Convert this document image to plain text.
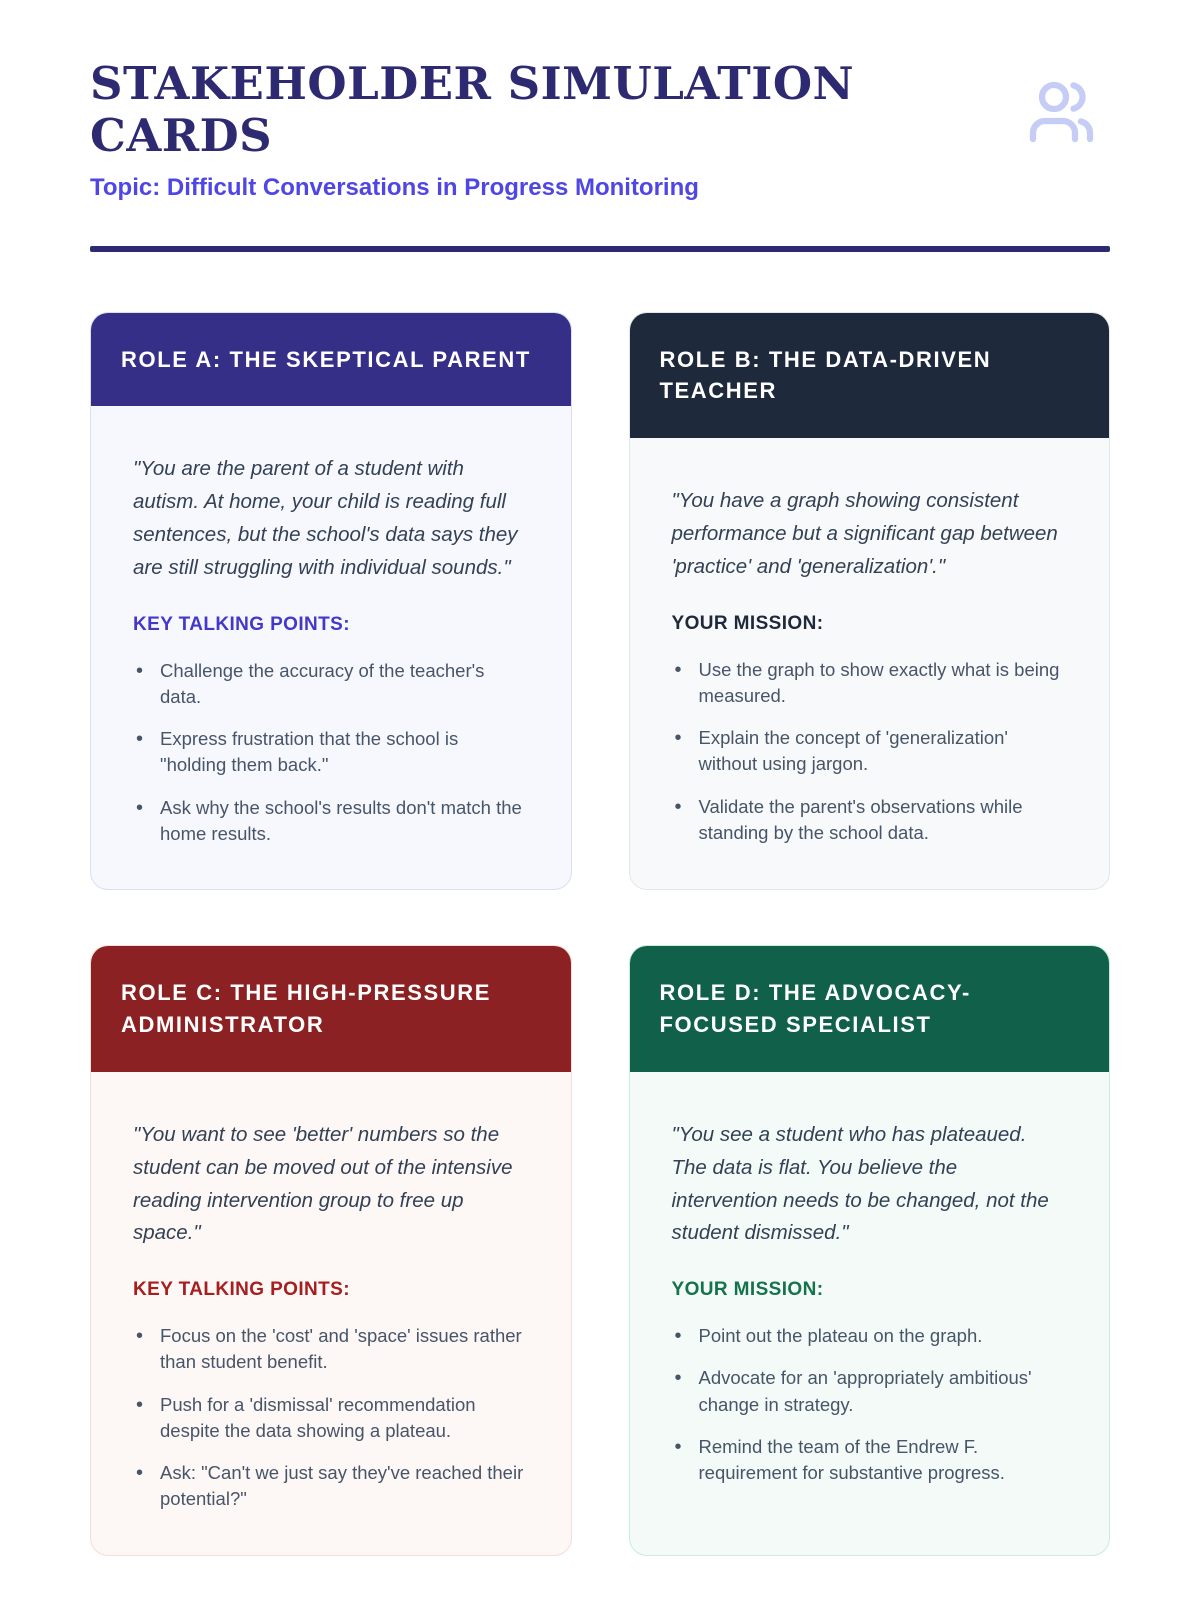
STAKEHOLDER SIMULATION CARDS
Topic: Difficult Conversations in Progress Monitoring
ROLE A: THE SKEPTICAL PARENT
"You are the parent of a student with autism. At home, your child is reading full sentences, but the school's data says they are still struggling with individual sounds."
KEY TALKING POINTS:
• Challenge the accuracy of the teacher's data.
• Express frustration that the school is "holding them back."
• Ask why the school's results don't match the home results.
ROLE B: THE DATA-DRIVEN TEACHER
"You have a graph showing consistent performance but a significant gap between 'practice' and 'generalization'."
YOUR MISSION:
• Use the graph to show exactly what is being measured.
• Explain the concept of 'generalization' without using jargon.
• Validate the parent's observations while standing by the school data.
ROLE C: THE HIGH-PRESSURE ADMINISTRATOR
"You want to see 'better' numbers so the student can be moved out of the intensive reading intervention group to free up space."
KEY TALKING POINTS:
• Focus on the 'cost' and 'space' issues rather than student benefit.
• Push for a 'dismissal' recommendation despite the data showing a plateau.
• Ask: "Can't we just say they've reached their potential?"
ROLE D: THE ADVOCACY-FOCUSED SPECIALIST
"You see a student who has plateaued. The data is flat. You believe the intervention needs to be changed, not the student dismissed."
YOUR MISSION:
• Point out the plateau on the graph.
• Advocate for an 'appropriately ambitious' change in strategy.
• Remind the team of the Endrew F. requirement for substantive progress.
